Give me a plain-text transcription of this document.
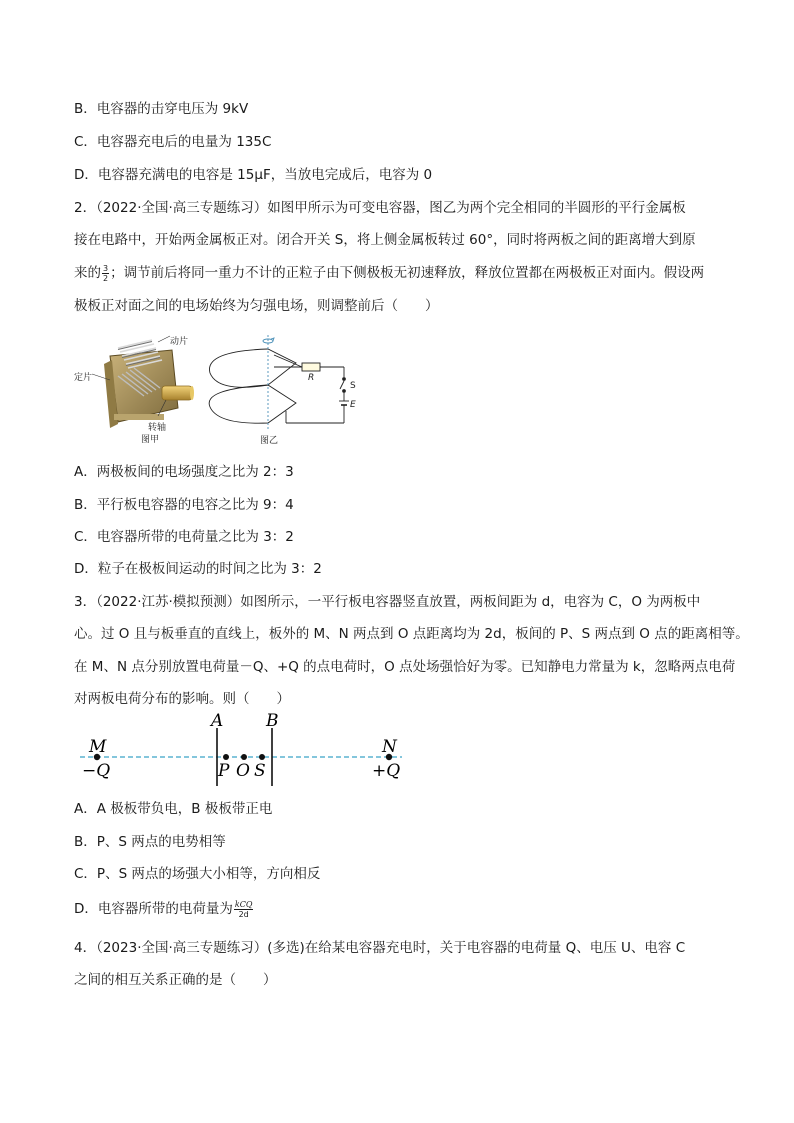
B．电容器的击穿电压为 9kV
C．电容器充电后的电量为 135C
D．电容器充满电的电容是 15μF，当放电完成后，电容为 0
2．（2022·全国·高三专题练习）如图甲所示为可变电容器，图乙为两个完全相同的半圆形的平行金属板
接在电路中，开始两金属板正对。闭合开关 S，将上侧金属板转过 60°，同时将两板之间的距离增大到原
来的 $\frac{3}{2}$ ；调节前后将同一重力不计的正粒子由下侧极板无初速释放，释放位置都在两极板正对面内。假设两
极板正对面之间的电场始终为匀强电场，则调整前后（　　）
动片
定片
转轴
图甲
R
S
E
图乙
A．两极板间的电场强度之比为 2：3
B．平行板电容器的电容之比为 9：4
C．电容器所带的电荷量之比为 3：2
D．粒子在极板间运动的时间之比为 3：2
3．（2022·江苏·模拟预测）如图所示，一平行板电容器竖直放置，两板间距为 d，电容为 C，O 为两板中
心。过 O 且与板垂直的直线上，板外的 M、N 两点到 O 点距离均为 2d，板间的 P、S 两点到 O 点的距离相等。
在 M、N 点分别放置电荷量－Q、+Q 的点电荷时，O 点处场强恰好为零。已知静电力常量为 k，忽略两点电荷
对两板电荷分布的影响。则（　　）
A	B
M
−Q
N
+Q
P O S
A．A 极板带负电，B 极板带正电
B．P、S 两点的电势相等
C．P、S 两点的场强大小相等，方向相反
D．电容器所带的电荷量为 $\frac{\text{kCQ}}{2d}$
4．（2023·全国·高三专题练习）(多选)在给某电容器充电时，关于电容器的电荷量 Q、电压 U、电容 C
之间的相互关系正确的是（　　）
